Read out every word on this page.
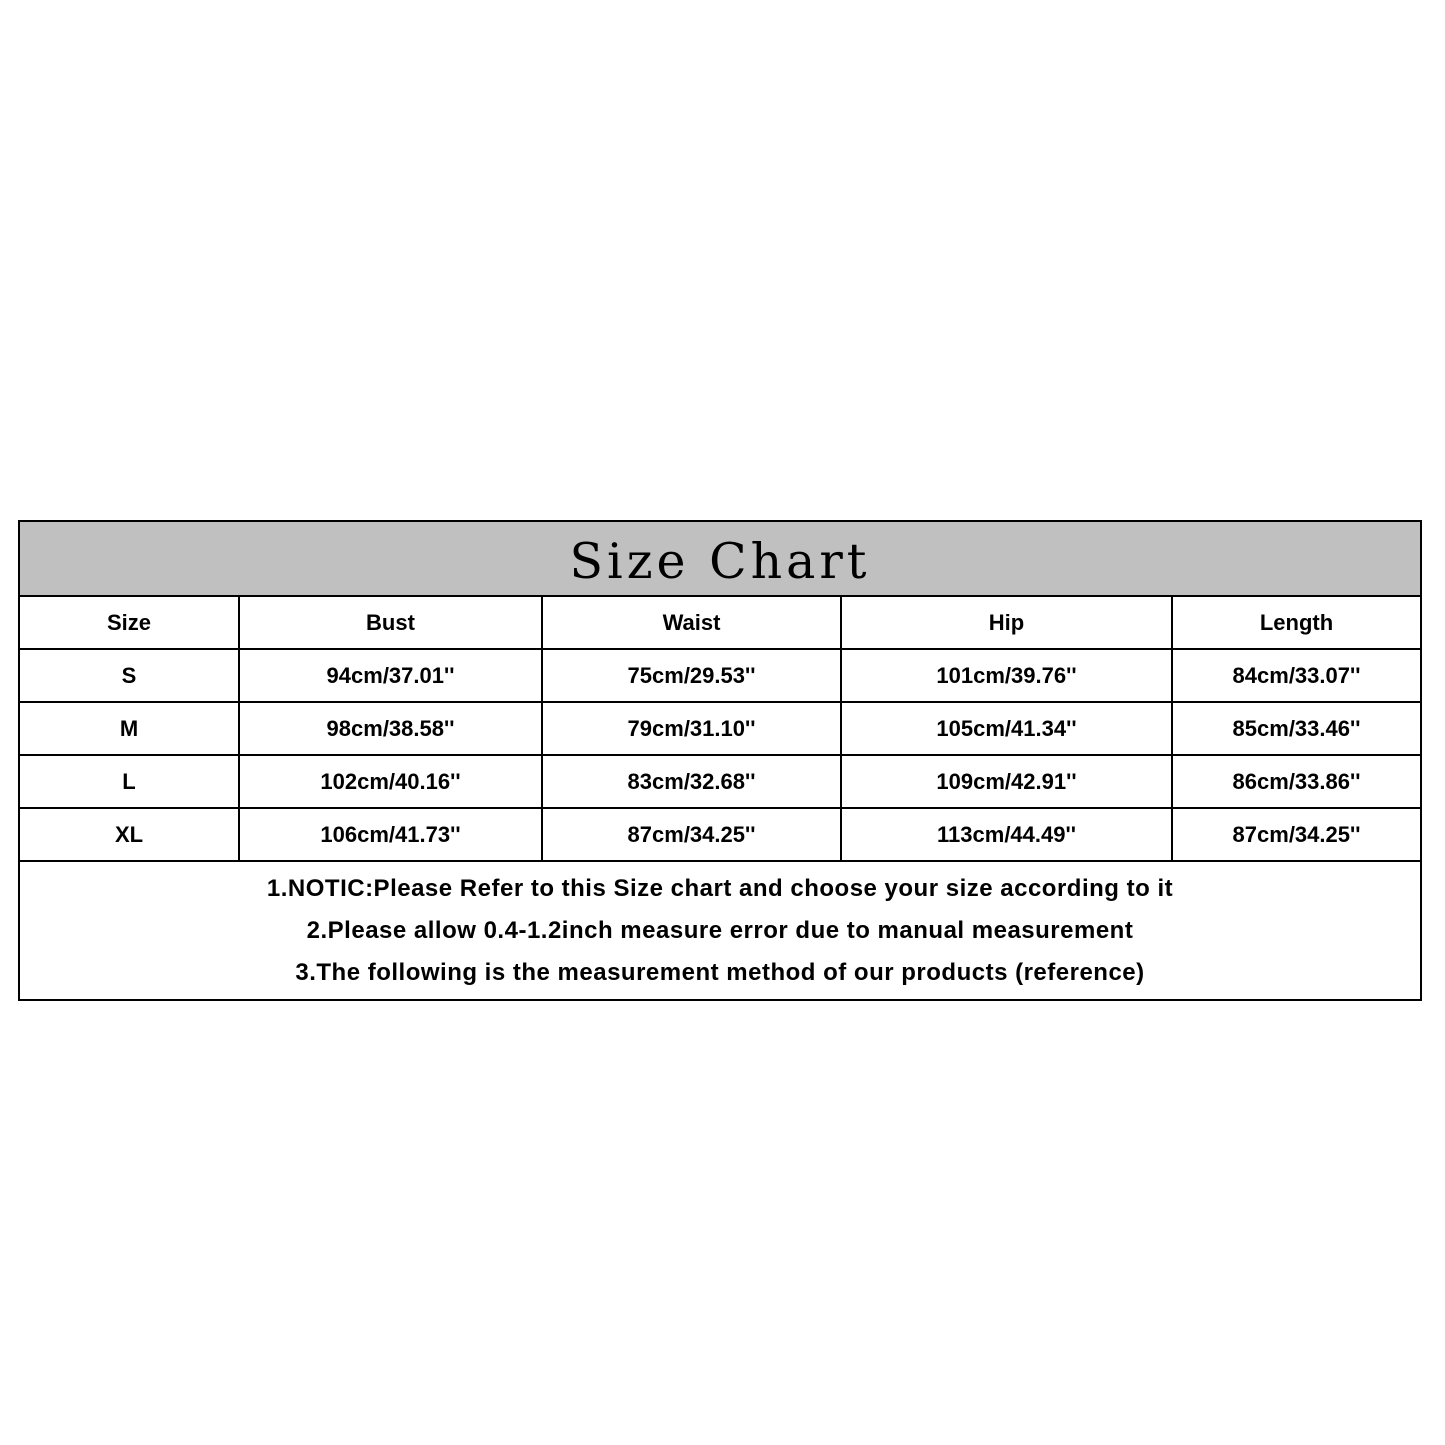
Size Chart
Size	Bust	Waist	Hip	Length
S	94cm/37.01''	75cm/29.53''	101cm/39.76''	84cm/33.07''
M	98cm/38.58''	79cm/31.10''	105cm/41.34''	85cm/33.46''
L	102cm/40.16''	83cm/32.68''	109cm/42.91''	86cm/33.86''
XL	106cm/41.73''	87cm/34.25''	113cm/44.49''	87cm/34.25''
1.NOTIC:Please Refer to this Size chart and choose your size according to it
2.Please allow 0.4-1.2inch measure error due to manual measurement
3.The following is the measurement method of our products (reference)
